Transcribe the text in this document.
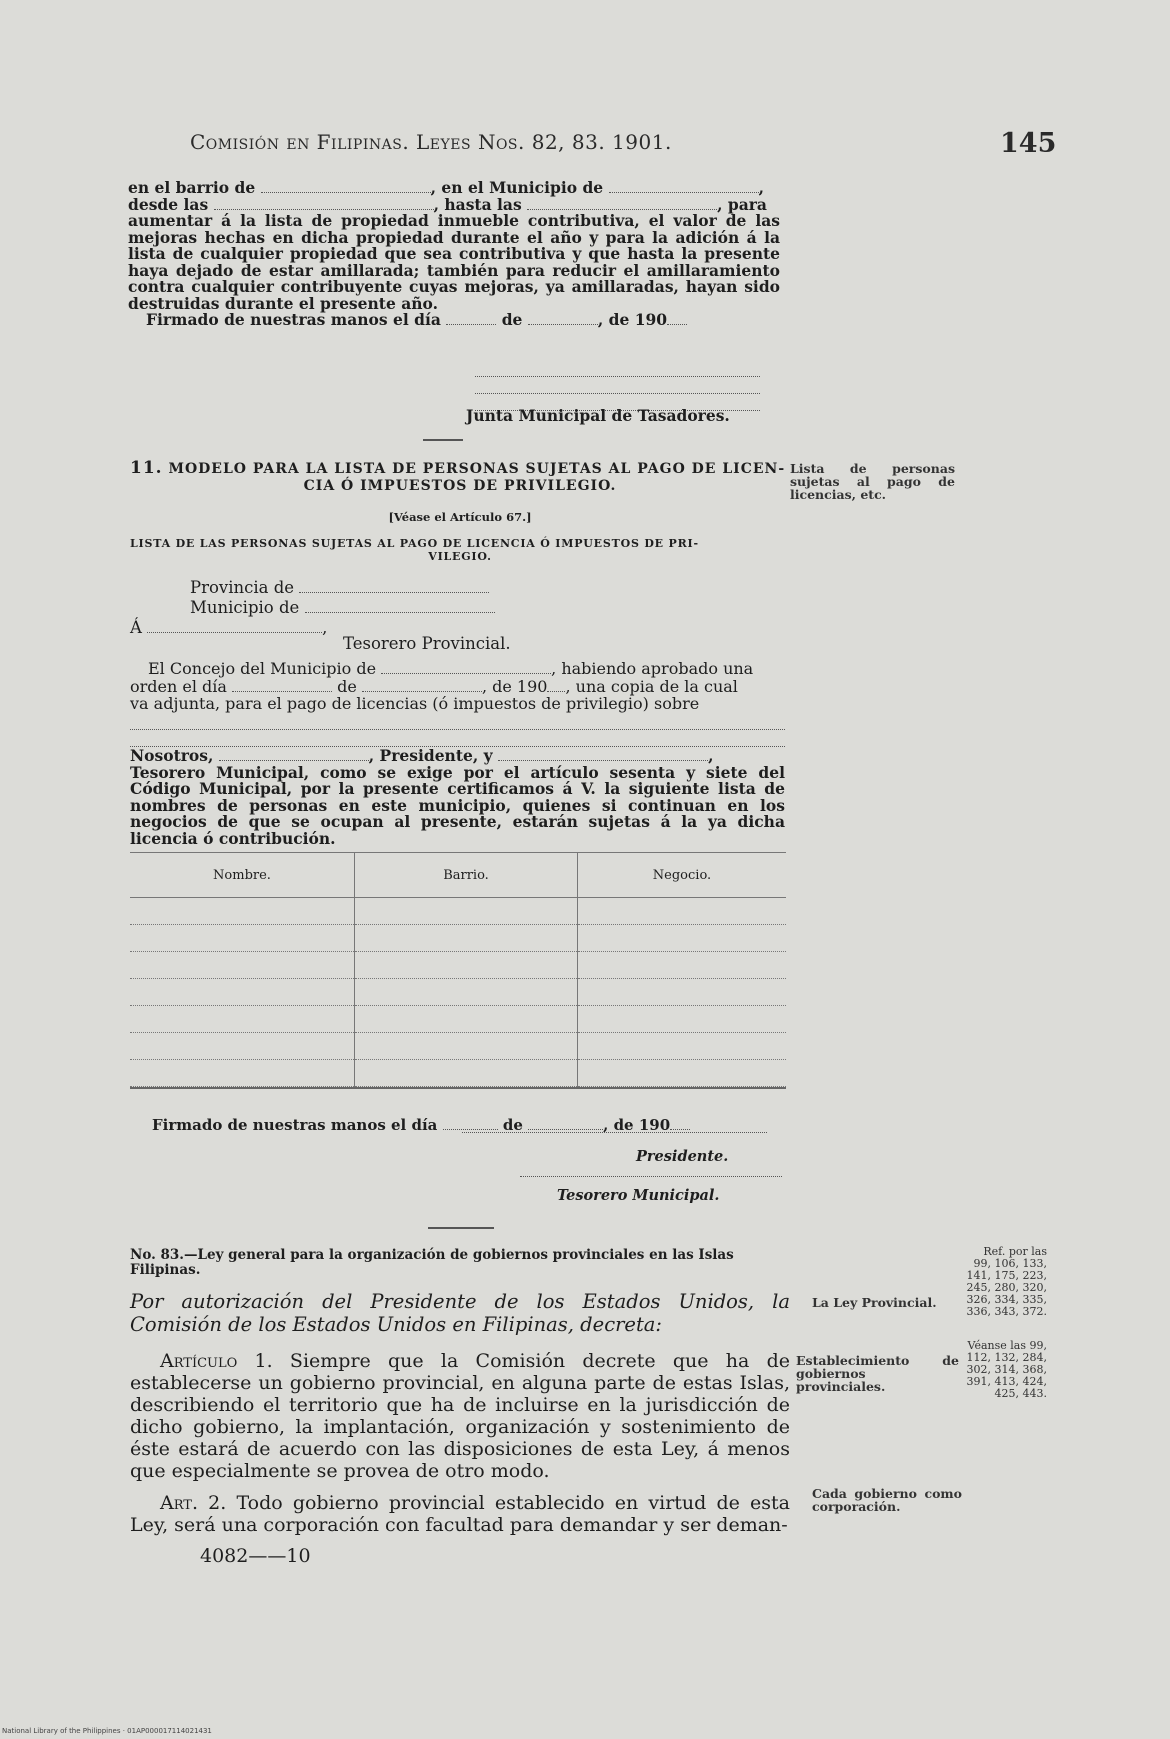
Comisión en Filipinas. Leyes Nos. 82, 83. 1901.	145
en el barrio de	, en el Municipio de	,
desde las	, hasta las	, para
aumentar á la lista de propiedad inmueble contributiva, el valor de las mejoras hechas en dicha propiedad durante el año y para la adición á la lista de cualquier propiedad que sea contributiva y que hasta la presente haya dejado de estar amillarada; también para reducir el amillaramiento contra cualquier contribuyente cuyas mejoras, ya amillaradas, hayan sido destruidas durante el presente año.
Firmado de nuestras manos el día	de	, de 190
Junta Municipal de Tasadores.
11. MODELO PARA LA LISTA DE PERSONAS SUJETAS AL PAGO DE LICEN-
CIA Ó IMPUESTOS DE PRIVILEGIO.
[Véase el Artículo 67.]
LISTA DE LAS PERSONAS SUJETAS AL PAGO DE LICENCIA Ó IMPUESTOS DE PRI-
VILEGIO.
Lista de personas sujetas al pago de licencias, etc.
Provincia de
Municipio de
Á	,
Tesorero Provincial.
El Concejo del Municipio de	, habiendo aprobado una
orden el día	de	, de 190 , una copia de la cual
va adjunta, para el pago de licencias (ó impuestos de privilegio) sobre
Nosotros,	, Presidente, y	,
Tesorero Municipal, como se exige por el artículo sesenta y siete del Código Municipal, por la presente certificamos á V. la siguiente lista de nombres de personas en este municipio, quienes si continuan en los negocios de que se ocupan al presente, estarán sujetas á la ya dicha licencia ó contribución.
Nombre.	Barrio.	Negocio.

Firmado de nuestras manos el día	de	, de 190
Presidente.
Tesorero Municipal.
No. 83.—Ley general para la organización de gobiernos provinciales en las Islas Filipinas.
Por autorización del Presidente de los Estados Unidos, la Comisión de los Estados Unidos en Filipinas, decreta:
Artículo 1. Siempre que la Comisión decrete que ha de establecerse un gobierno provincial, en alguna parte de estas Islas, describiendo el territorio que ha de incluirse en la jurisdicción de dicho gobierno, la implantación, organización y sostenimiento de éste estará de acuerdo con las disposiciones de esta Ley, á menos que especialmente se provea de otro modo.
Art. 2. Todo gobierno provincial establecido en virtud de esta Ley, será una corporación con facultad para demandar y ser deman-
4082——10
La Ley Provincial.
Establecimiento de gobiernos provinciales.
Cada gobierno como corporación.
Ref. por las 99, 106, 133, 141, 175, 223, 245, 280, 320, 326, 334, 335, 336, 343, 372.
Véanse las 99, 112, 132, 284, 302, 314, 368, 391, 413, 424, 425, 443.
National Library of the Philippines · 01AP000017114021431
